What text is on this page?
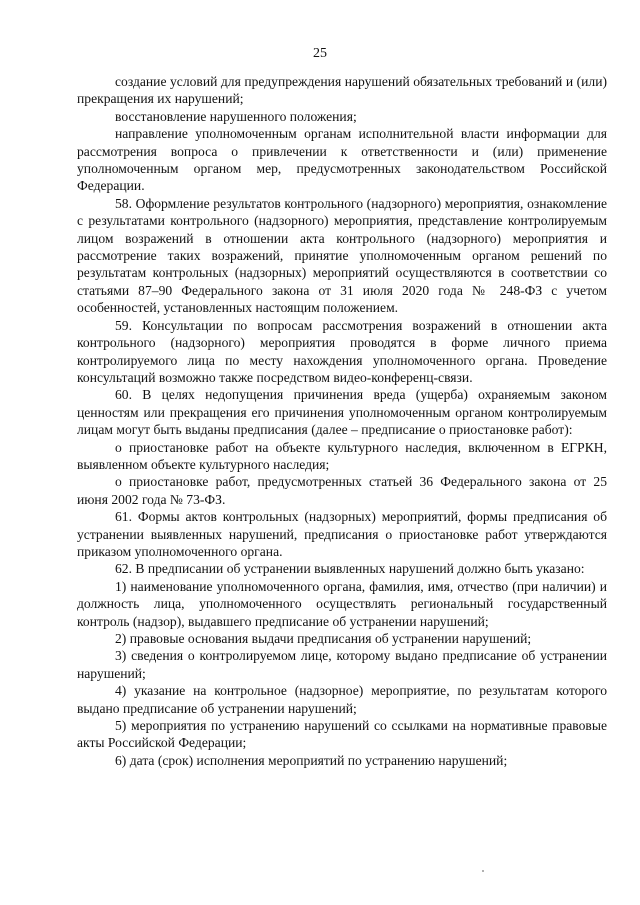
25

создание условий для предупреждения нарушений обязательных требований и (или) прекращения их нарушений;

восстановление нарушенного положения;

направление уполномоченным органам исполнительной власти информации для рассмотрения вопроса о привлечении к ответственности и (или) применение уполномоченным органом мер, предусмотренных законодательством Российской Федерации.

58. Оформление результатов контрольного (надзорного) мероприятия, ознакомление с результатами контрольного (надзорного) мероприятия, представление контролируемым лицом возражений в отношении акта контрольного (надзорного) мероприятия и рассмотрение таких возражений, принятие уполномоченным органом решений по результатам контрольных (надзорных) мероприятий осуществляются в соответствии со статьями 87–90 Федерального закона от 31 июля 2020 года № 248-ФЗ с учетом особенностей, установленных настоящим положением.

59. Консультации по вопросам рассмотрения возражений в отношении акта контрольного (надзорного) мероприятия проводятся в форме личного приема контролируемого лица по месту нахождения уполномоченного органа. Проведение консультаций возможно также посредством видео-конференц-связи.

60. В целях недопущения причинения вреда (ущерба) охраняемым законом ценностям или прекращения его причинения уполномоченным органом контролируемым лицам могут быть выданы предписания (далее – предписание о приостановке работ):

о приостановке работ на объекте культурного наследия, включенном в ЕГРКН, выявленном объекте культурного наследия;

о приостановке работ, предусмотренных статьей 36 Федерального закона от 25 июня 2002 года № 73-ФЗ.

61. Формы актов контрольных (надзорных) мероприятий, формы предписания об устранении выявленных нарушений, предписания о приостановке работ утверждаются приказом уполномоченного органа.

62. В предписании об устранении выявленных нарушений должно быть указано:

1) наименование уполномоченного органа, фамилия, имя, отчество (при наличии) и должность лица, уполномоченного осуществлять региональный государственный контроль (надзор), выдавшего предписание об устранении нарушений;

2) правовые основания выдачи предписания об устранении нарушений;

3) сведения о контролируемом лице, которому выдано предписание об устранении нарушений;

4) указание на контрольное (надзорное) мероприятие, по результатам которого выдано предписание об устранении нарушений;

5) мероприятия по устранению нарушений со ссылками на нормативные правовые акты Российской Федерации;

6) дата (срок) исполнения мероприятий по устранению нарушений;
